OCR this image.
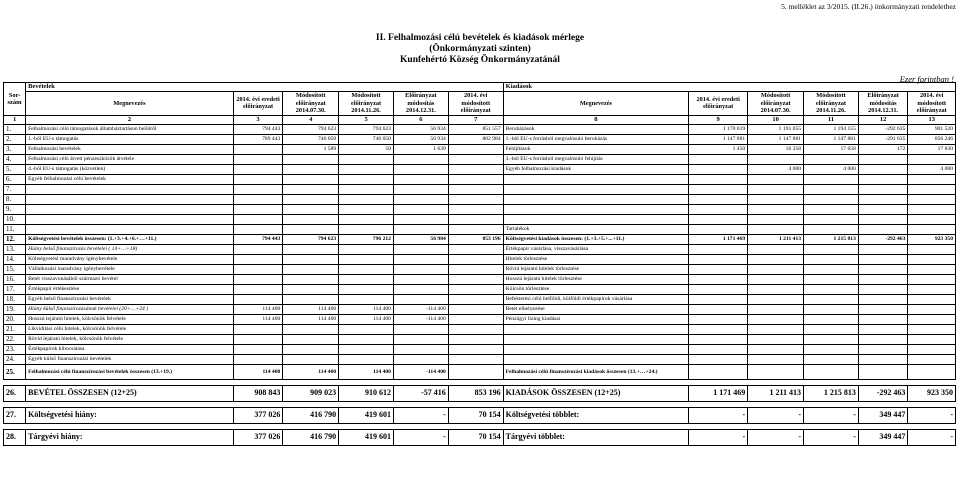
5. melléklet az 3/2015. (II.26.) önkormányzati rendelethez
II. Felhalmozási célú bevételek és kiadások mérlege
(Önkormányzati szinten)
Kunfehértó Község Önkormányzatánál
Ezer forintban !
Sor-szám	Bevételek						Kiadások					
	Megnevezés	2014. évi eredeti előirányzat	Módosított előirányzat 2014.07.30.	Módosított előirányzat 2014.11.26.	Előirányzat módosítás 2014.12.31.	2014. évi módosított előirányzat	Megnevezés	2014. évi eredeti előirányzat	Módosított előirányzat 2014.07.30.	Módosított előirányzat 2014.11.26.	Előirányzat módosítás 2014.12.31.	2014. évi módosított előirányzat
1	2	3	4	5	6	7	8	9	10	11	12	13
1.	Felhalmozási célú támogatások államháztartáson belülről	794 443	794 623	794 623	56 934	851 557	Beruházások	1 170 019	1 191 055	1 194 155	-292 635	901 520
2.	1.-ből EU-s támogatás	789 443	746 050	746 050	56 934	802 984	1.-ből EU-s forrásból megvalósuló beruházás	1 147 881	1 147 881	1 147 881	-291 635	856 246
3.	Felhalmozási bevételek		1 589	50	1 639		Felújítások	1 450	16 358	17 658	172	17 830
4.	Felhalmozási célú átvett pénzeszközök átvétele						3.-ból EU-s forrásból megvalósuló felújítás					
5.	4.-ből EU-s támogatás (közvetlen)						Egyéb felhalmozási kiadások		4 000	4 000		4 000
6.	Egyéb felhalmozási célú bevételek											
7.												
8.												
9.												
10.												
11.							Tartalékok					
12.	Költségvetési bevételek összesen: (1.+3.+4.+6.+…+11.)	794 443	794 623	796 212	56 984	853 196	Költségvetési kiadások összesen: (1.+3.+5.+...+11.)	1 171 469	1 211 413	1 215 813	-292 463	923 350
13.	Hiány belső finanszírozás bevételei ( 14+…+18)						Értékpapír vásárlása, visszavásárlása					
14.	Költségvetési maradvány igénybevétele						Hitelek törlesztése					
15.	Vállalkozási maradvány igénybevétele						Rövid lejáratú hitelek törlesztése					
16.	Betét visszavonásából származó bevétel						Hosszú lejáratú hitelek törlesztése					
17.	Értékpapír értékesítése						Kölcsön törlesztése					
18.	Egyéb belső finanszírozási bevételek						Befektetési célú belföldi, külföldi értékpapírok vásárlása					
19.	Hiány külső finanszírozásának bevételei (20+…+24 )	114 400	114 400	114 400	-114 400		Betét elhelyezése					
20.	Hosszú lejáratú hitelek, kölcsönök felvétele	114 400	114 400	114 400	-114 400		Pénzügyi lízing kiadásai					
21.	Likviditási célú hitelek, kölcsönök felvétele											
22.	Rövid lejáratú hitelek, kölcsönök felvétele											
23.	Értékpapírok kibocsátása											
24.	Egyéb külső finanszírozási bevételek											
25.	Felhalmozási célú finanszírozási bevételek összesen (13.+19.)	114 400	114 400	114 400	-114 400		Felhalmozási célú finanszírozási kiadások összesen (13.+…+24.)					

26.	BEVÉTEL ÖSSZESEN (12+25)	908 843	909 023	910 612	-57 416	853 196	KIADÁSOK ÖSSZESEN (12+25)	1 171 469	1 211 413	1 215 813	-292 463	923 350

27.	Költségvetési hiány:	377 026	416 790	419 601	-	70 154	Költségvetési többlet:	-	-	-	349 447	-

28.	Tárgyévi hiány:	377 026	416 790	419 601	-	70 154	Tárgyévi többlet:	-	-	-	349 447	-
